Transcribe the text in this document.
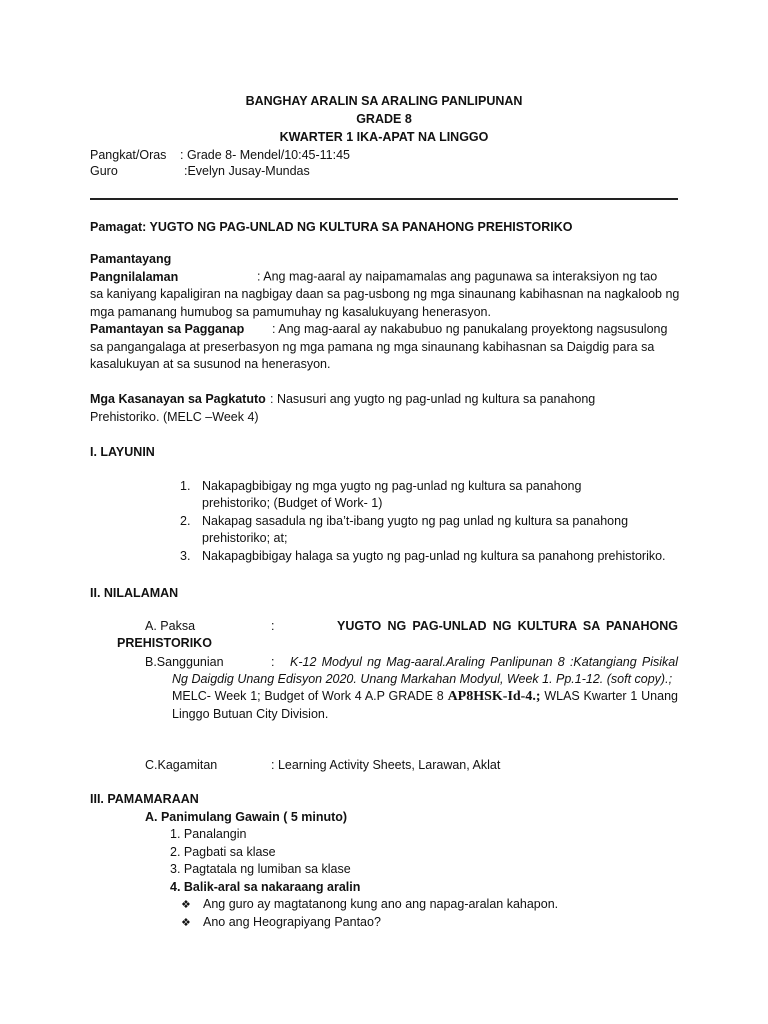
BANGHAY ARALIN SA ARALING PANLIPUNAN
GRADE 8
KWARTER 1 IKA-APAT NA LINGGO
Pangkat/Oras : Grade 8- Mendel/10:45-11:45
Guro	:Evelyn Jusay-Mundas
Pamagat: YUGTO NG PAG-UNLAD NG KULTURA SA PANAHONG PREHISTORIKO

Pamantayang Pangnilalaman	: Ang mag-aaral ay naipamamalas ang pagunawa sa interaksiyon ng tao

sa kaniyang kapaligiran na nagbigay daan sa pag-usbong ng mga sinaunang kabihasnan na nagkaloob ng

mga pamanang humubog sa pamumuhay ng kasalukuyang henerasyon.

Pamantayan sa Pagganap : Ang mag-aaral ay nakabubuo ng panukalang proyektong nagsusulong

sa pangangalaga at preserbasyon ng mga pamana ng mga sinaunang kabihasnan sa Daigdig para sa

kasalukuyan at sa susunod na henerasyon.

Mga Kasanayan sa Pagkatuto : Nasusuri ang yugto ng pag-unlad ng kultura sa panahong

Prehistoriko. (MELC –Week 4)

I. LAYUNIN
1. Nakapagbibigay ng mga yugto ng pag-unlad ng kultura sa panahong
prehistoriko; (Budget of Work- 1)
2. Nakapag sasadula ng iba’t-ibang yugto ng pag unlad ng kultura sa panahong
prehistoriko; at;
3. Nakapagbibigay halaga sa yugto ng pag-unlad ng kultura sa panahong prehistoriko.
II. NILALAMAN
A. Paksa	:	YUGTO NG PAG-UNLAD NG KULTURA SA PANAHONG
PREHISTORIKO
B.Sanggunian	: K-12 Modyul ng Mag-aaral.Araling Panlipunan 8 :Katangiang Pisikal
Ng Daigdig Unang Edisyon 2020. Unang Markahan Modyul, Week 1. Pp.1-12. (soft copy).;
MELC- Week 1; Budget of Work 4 A.P GRADE 8 AP8HSK-Id-4.; WLAS Kwarter 1 Unang
Linggo Butuan City Division.
C.Kagamitan	: Learning Activity Sheets, Larawan, Aklat
III. PAMAMARAAN
A. Panimulang Gawain ( 5 minuto)
1. Panalangin
2. Pagbati sa klase
3. Pagtatala ng lumiban sa klase
4. Balik-aral sa nakaraang aralin
❖ Ang guro ay magtatanong kung ano ang napag-aralan kahapon.
❖ Ano ang Heograpiyang Pantao?
